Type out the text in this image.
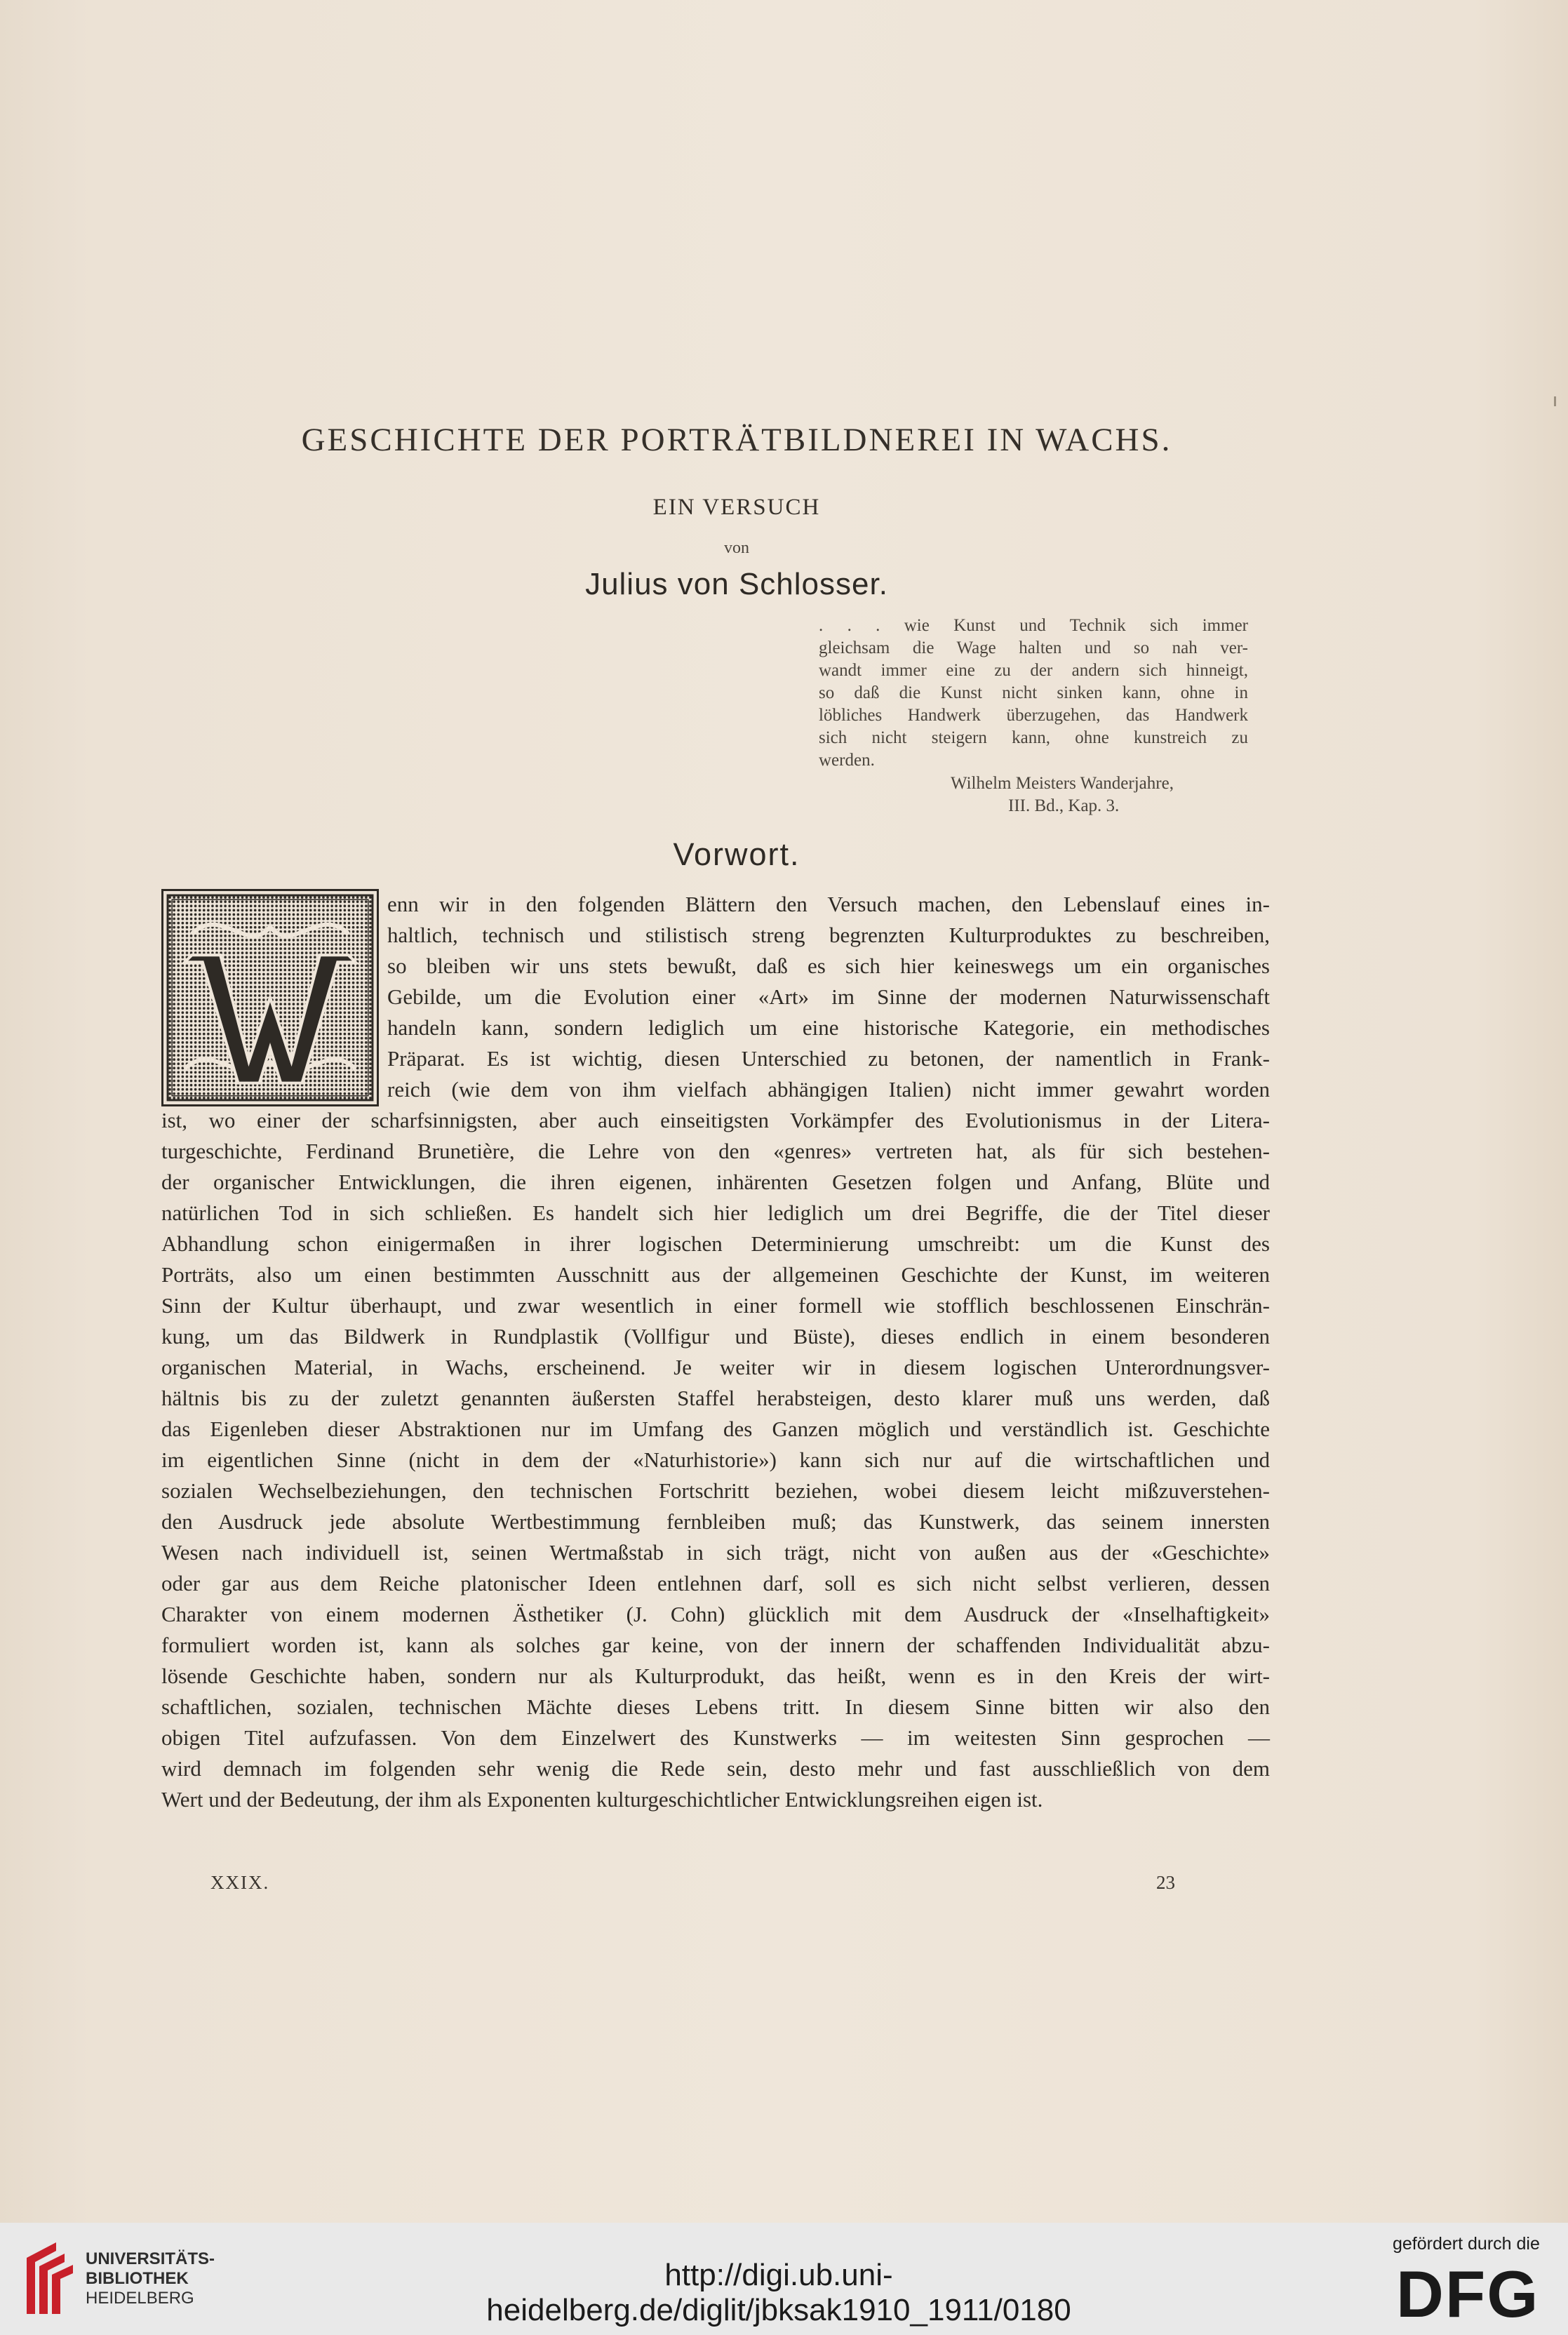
GESCHICHTE DER PORTRÄTBILDNEREI IN WACHS.
EIN VERSUCH
von
Julius von Schlosser.
. . . wie Kunst und Technik sich immer
gleichsam die Wage halten und so nah ver-
wandt immer eine zu der andern sich hinneigt,
so daß die Kunst nicht sinken kann, ohne in
löbliches Handwerk überzugehen, das Handwerk
sich nicht steigern kann, ohne kunstreich zu
werden.
Wilhelm Meisters Wanderjahre,
III. Bd., Kap. 3.
Vorwort.
W
enn wir in den folgenden Blättern den Versuch machen, den Lebenslauf eines in-
haltlich, technisch und stilistisch streng begrenzten Kulturproduktes zu beschreiben,
so bleiben wir uns stets bewußt, daß es sich hier keineswegs um ein organisches
Gebilde, um die Evolution einer «Art» im Sinne der modernen Naturwissenschaft
handeln kann, sondern lediglich um eine historische Kategorie, ein methodisches
Präparat. Es ist wichtig, diesen Unterschied zu betonen, der namentlich in Frank-
reich (wie dem von ihm vielfach abhängigen Italien) nicht immer gewahrt worden
ist, wo einer der scharfsinnigsten, aber auch einseitigsten Vorkämpfer des Evolutionismus in der Litera-
turgeschichte, Ferdinand Brunetière, die Lehre von den «genres» vertreten hat, als für sich bestehen-
der organischer Entwicklungen, die ihren eigenen, inhärenten Gesetzen folgen und Anfang, Blüte und
natürlichen Tod in sich schließen. Es handelt sich hier lediglich um drei Begriffe, die der Titel dieser
Abhandlung schon einigermaßen in ihrer logischen Determinierung umschreibt: um die Kunst des
Porträts, also um einen bestimmten Ausschnitt aus der allgemeinen Geschichte der Kunst, im weiteren
Sinn der Kultur überhaupt, und zwar wesentlich in einer formell wie stofflich beschlossenen Einschrän-
kung, um das Bildwerk in Rundplastik (Vollfigur und Büste), dieses endlich in einem besonderen
organischen Material, in Wachs, erscheinend. Je weiter wir in diesem logischen Unterordnungsver-
hältnis bis zu der zuletzt genannten äußersten Staffel herabsteigen, desto klarer muß uns werden, daß
das Eigenleben dieser Abstraktionen nur im Umfang des Ganzen möglich und verständlich ist. Geschichte
im eigentlichen Sinne (nicht in dem der «Naturhistorie») kann sich nur auf die wirtschaftlichen und
sozialen Wechselbeziehungen, den technischen Fortschritt beziehen, wobei diesem leicht mißzuverstehen-
den Ausdruck jede absolute Wertbestimmung fernbleiben muß; das Kunstwerk, das seinem innersten
Wesen nach individuell ist, seinen Wertmaßstab in sich trägt, nicht von außen aus der «Geschichte»
oder gar aus dem Reiche platonischer Ideen entlehnen darf, soll es sich nicht selbst verlieren, dessen
Charakter von einem modernen Ästhetiker (J. Cohn) glücklich mit dem Ausdruck der «Inselhaftigkeit»
formuliert worden ist, kann als solches gar keine, von der innern der schaffenden Individualität abzu-
lösende Geschichte haben, sondern nur als Kulturprodukt, das heißt, wenn es in den Kreis der wirt-
schaftlichen, sozialen, technischen Mächte dieses Lebens tritt. In diesem Sinne bitten wir also den
obigen Titel aufzufassen. Von dem Einzelwert des Kunstwerks — im weitesten Sinn gesprochen —
wird demnach im folgenden sehr wenig die Rede sein, desto mehr und fast ausschließlich von dem
Wert und der Bedeutung, der ihm als Exponenten kulturgeschichtlicher Entwicklungsreihen eigen ist.
XXIX.	23
UNIVERSITÄTS-
BIBLIOTHEK
HEIDELBERG
http://digi.ub.uni-heidelberg.de/diglit/jbksak1910_1911/0180
gefördert durch die
DFG
